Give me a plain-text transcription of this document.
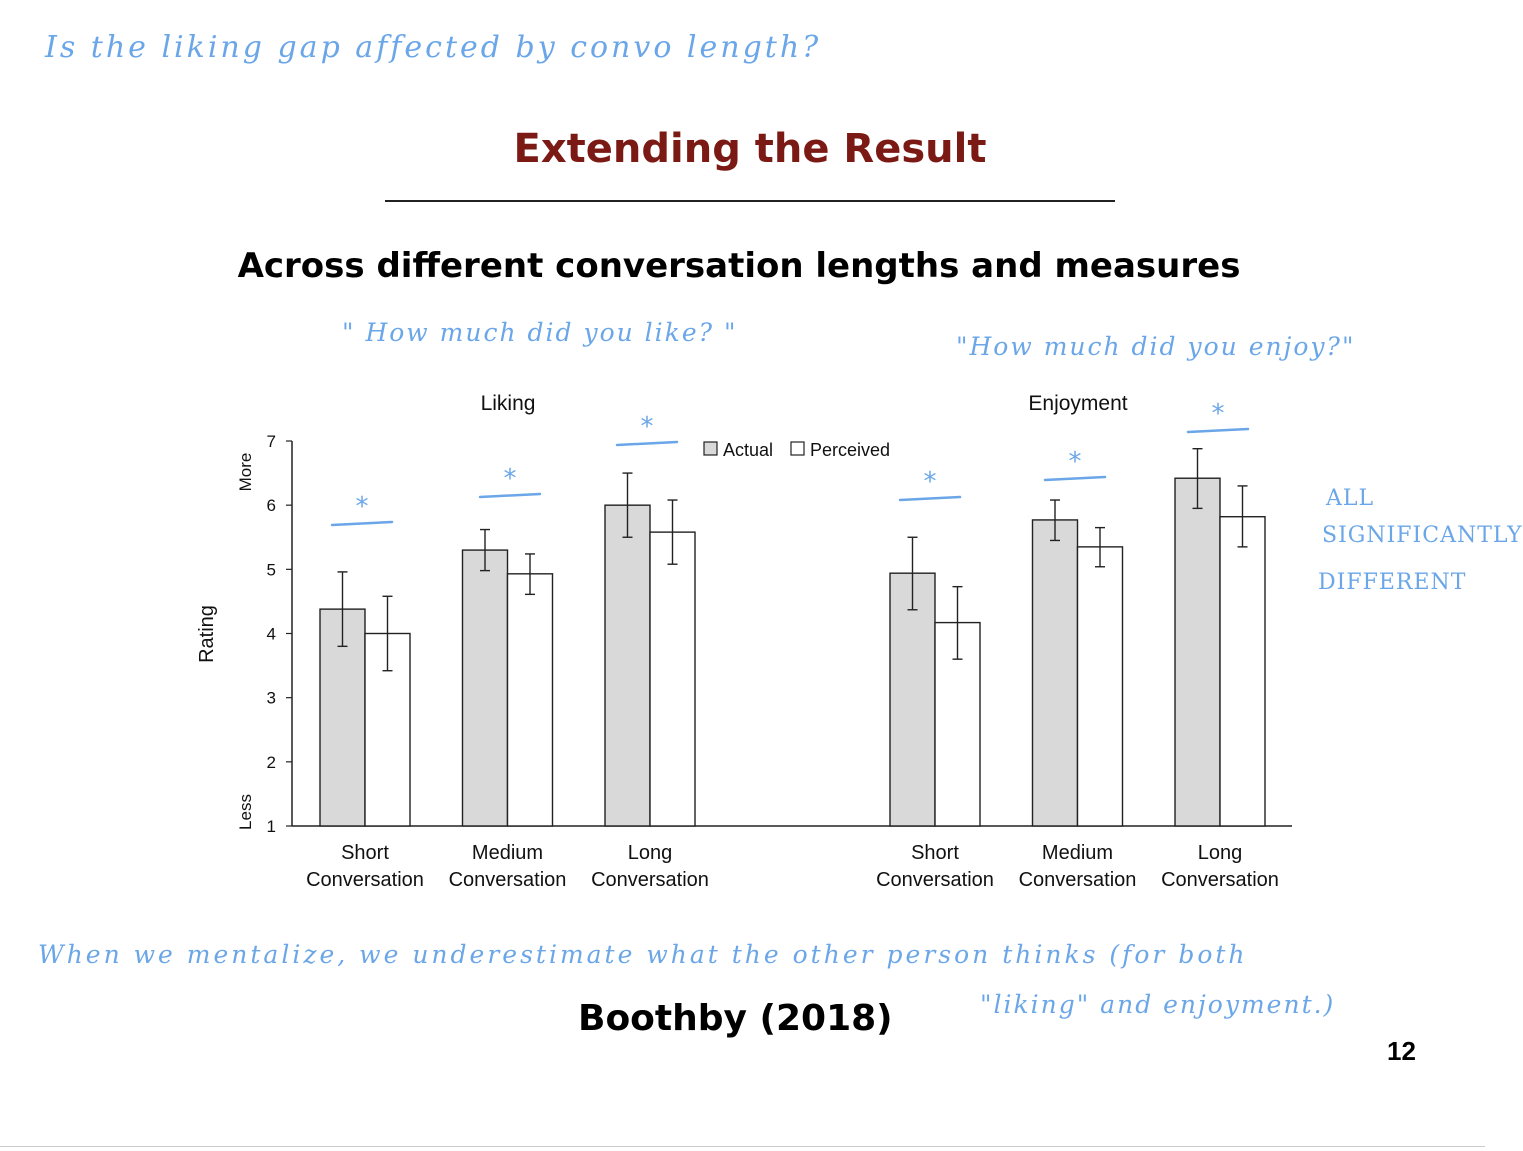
Is the liking gap affected by convo length?
" How much did you like? "	"How much did you enjoy?"
ALL
SIGNIFICANTLY
DIFFERENT
When we mentalize, we underestimate what the other person thinks (for both
"liking" and enjoyment.)
Extending the Result
Across different conversation lengths and measures
Rating
More
Less
Liking	Enjoyment
Actual Perceived
1
2
3
4
5
6
7
*
*
*
*
*
*
Short
Conversation
Medium
Conversation
Long
Conversation
Short
Conversation
Medium
Conversation
Long
Conversation
Boothby (2018)
12
